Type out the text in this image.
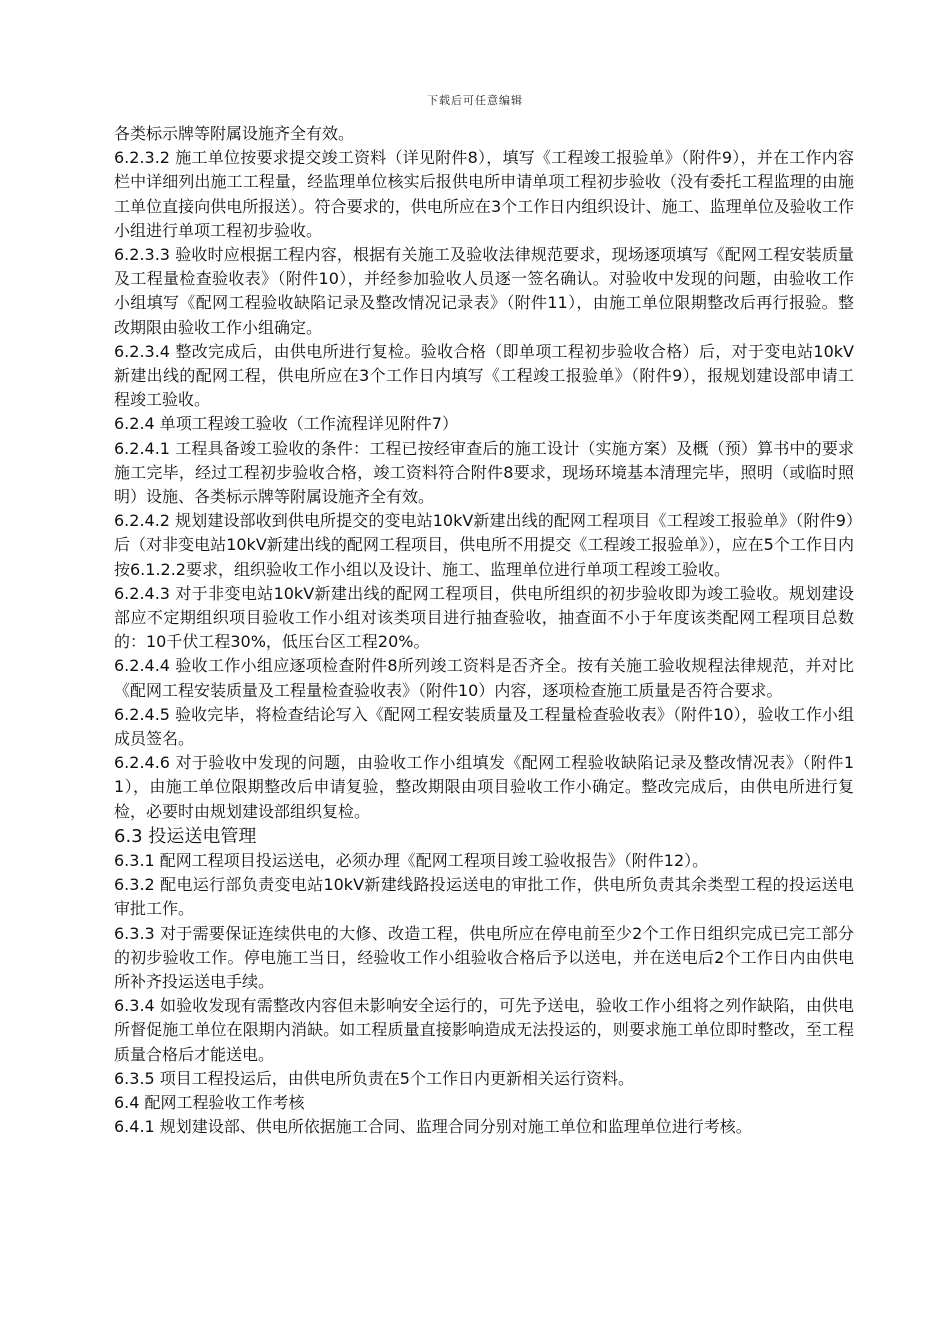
下载后可任意编辑

各类标示牌等附属设施齐全有效。

6.2.3.2 施工单位按要求提交竣工资料（详见附件8），填写《工程竣工报验单》（附件9），并在工作内容栏中详细列出施工工程量，经监理单位核实后报供电所申请单项工程初步验收（没有委托工程监理的由施工单位直接向供电所报送）。符合要求的，供电所应在3个工作日内组织设计、施工、监理单位及验收工作小组进行单项工程初步验收。

6.2.3.3 验收时应根据工程内容，根据有关施工及验收法律规范要求，现场逐项填写《配网工程安装质量及工程量检查验收表》（附件10），并经参加验收人员逐一签名确认。对验收中发现的问题，由验收工作小组填写《配网工程验收缺陷记录及整改情况记录表》（附件11），由施工单位限期整改后再行报验。整改期限由验收工作小组确定。

6.2.3.4 整改完成后，由供电所进行复检。验收合格（即单项工程初步验收合格）后，对于变电站10kV新建出线的配网工程，供电所应在3个工作日内填写《工程竣工报验单》（附件9），报规划建设部申请工程竣工验收。

6.2.4 单项工程竣工验收（工作流程详见附件7）

6.2.4.1 工程具备竣工验收的条件：工程已按经审查后的施工设计（实施方案）及概（预）算书中的要求施工完毕，经过工程初步验收合格，竣工资料符合附件8要求，现场环境基本清理完毕，照明（或临时照明）设施、各类标示牌等附属设施齐全有效。

6.2.4.2 规划建设部收到供电所提交的变电站10kV新建出线的配网工程项目《工程竣工报验单》（附件9）后（对非变电站10kV新建出线的配网工程项目，供电所不用提交《工程竣工报验单》），应在5个工作日内按6.1.2.2要求，组织验收工作小组以及设计、施工、监理单位进行单项工程竣工验收。

6.2.4.3 对于非变电站10kV新建出线的配网工程项目，供电所组织的初步验收即为竣工验收。规划建设部应不定期组织项目验收工作小组对该类项目进行抽查验收，抽查面不小于年度该类配网工程项目总数的：10千伏工程30%，低压台区工程20%。

6.2.4.4 验收工作小组应逐项检查附件8所列竣工资料是否齐全。按有关施工验收规程法律规范，并对比《配网工程安装质量及工程量检查验收表》（附件10）内容，逐项检查施工质量是否符合要求。

6.2.4.5 验收完毕，将检查结论写入《配网工程安装质量及工程量检查验收表》（附件10），验收工作小组成员签名。

6.2.4.6 对于验收中发现的问题，由验收工作小组填发《配网工程验收缺陷记录及整改情况表》（附件11），由施工单位限期整改后申请复验，整改期限由项目验收工作小确定。整改完成后，由供电所进行复检，必要时由规划建设部组织复检。

6.3 投运送电管理

6.3.1 配网工程项目投运送电，必须办理《配网工程项目竣工验收报告》（附件12）。

6.3.2 配电运行部负责变电站10kV新建线路投运送电的审批工作，供电所负责其余类型工程的投运送电审批工作。

6.3.3 对于需要保证连续供电的大修、改造工程，供电所应在停电前至少2个工作日组织完成已完工部分的初步验收工作。停电施工当日，经验收工作小组验收合格后予以送电，并在送电后2个工作日内由供电所补齐投运送电手续。

6.3.4 如验收发现有需整改内容但未影响安全运行的，可先予送电，验收工作小组将之列作缺陷，由供电所督促施工单位在限期内消缺。如工程质量直接影响造成无法投运的，则要求施工单位即时整改，至工程质量合格后才能送电。

6.3.5 项目工程投运后，由供电所负责在5个工作日内更新相关运行资料。

6.4 配网工程验收工作考核

6.4.1 规划建设部、供电所依据施工合同、监理合同分别对施工单位和监理单位进行考核。
